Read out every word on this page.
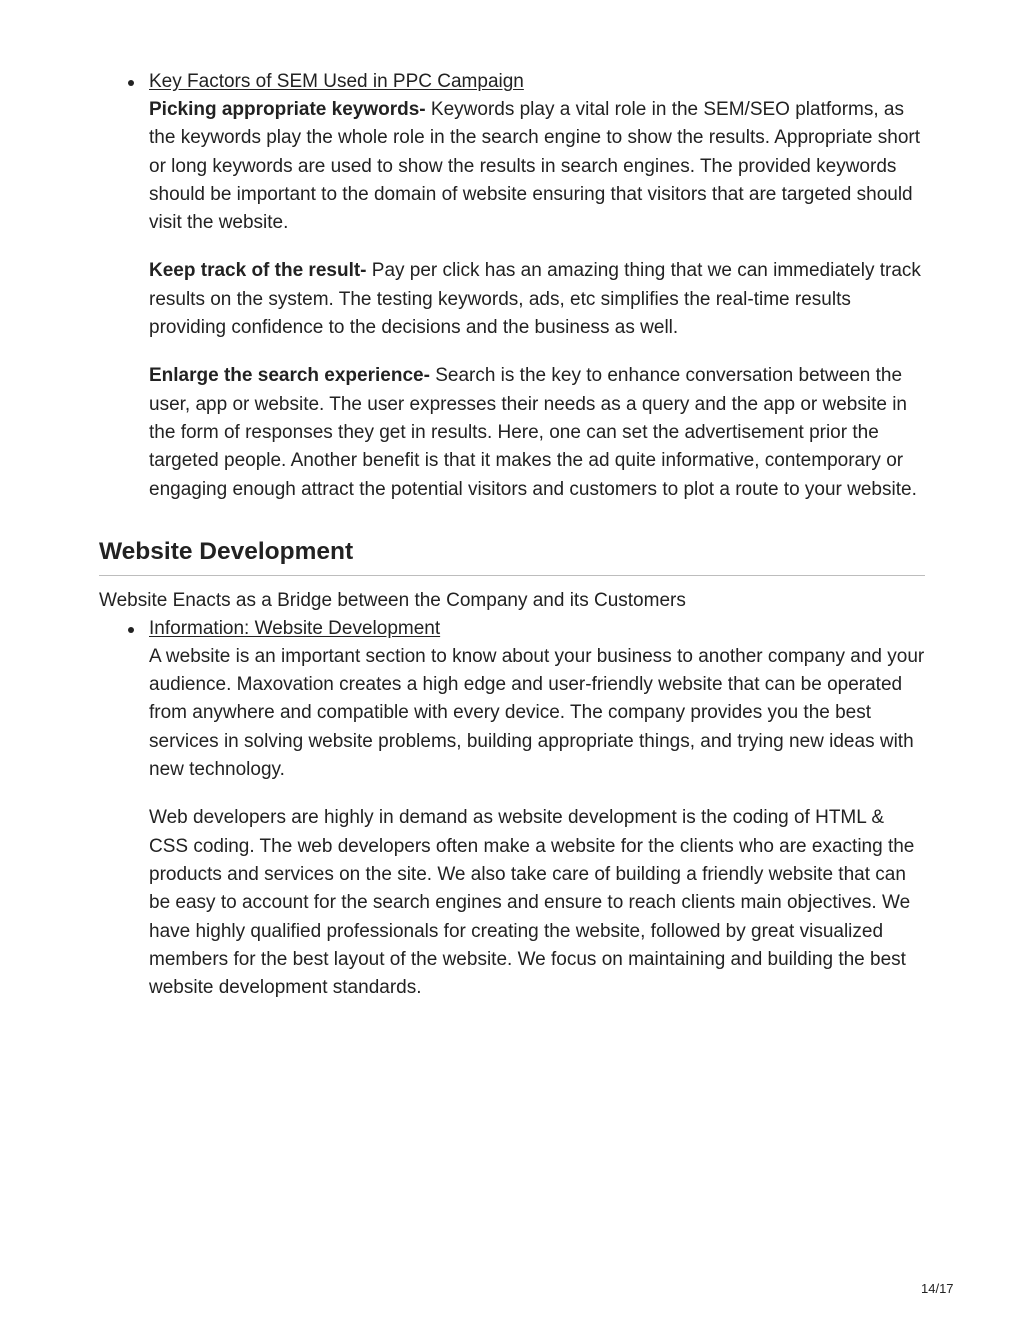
Key Factors of SEM Used in PPC Campaign

Picking appropriate keywords- Keywords play a vital role in the SEM/SEO platforms, as the keywords play the whole role in the search engine to show the results. Appropriate short or long keywords are used to show the results in search engines. The provided keywords should be important to the domain of website ensuring that visitors that are targeted should visit the website.

Keep track of the result- Pay per click has an amazing thing that we can immediately track results on the system. The testing keywords, ads, etc simplifies the real-time results providing confidence to the decisions and the business as well.

Enlarge the search experience- Search is the key to enhance conversation between the user, app or website. The user expresses their needs as a query and the app or website in the form of responses they get in results. Here, one can set the advertisement prior the targeted people. Another benefit is that it makes the ad quite informative, contemporary or engaging enough attract the potential visitors and customers to plot a route to your website.

Website Development

Website Enacts as a Bridge between the Company and its Customers

Information: Website Development

A website is an important section to know about your business to another company and your audience. Maxovation creates a high edge and user-friendly website that can be operated from anywhere and compatible with every device. The company provides you the best services in solving website problems, building appropriate things, and trying new ideas with new technology.

Web developers are highly in demand as website development is the coding of HTML & CSS coding. The web developers often make a website for the clients who are exacting the products and services on the site. We also take care of building a friendly website that can be easy to account for the search engines and ensure to reach clients main objectives. We have highly qualified professionals for creating the website, followed by great visualized members for the best layout of the website. We focus on maintaining and building the best website development standards.

14/17
